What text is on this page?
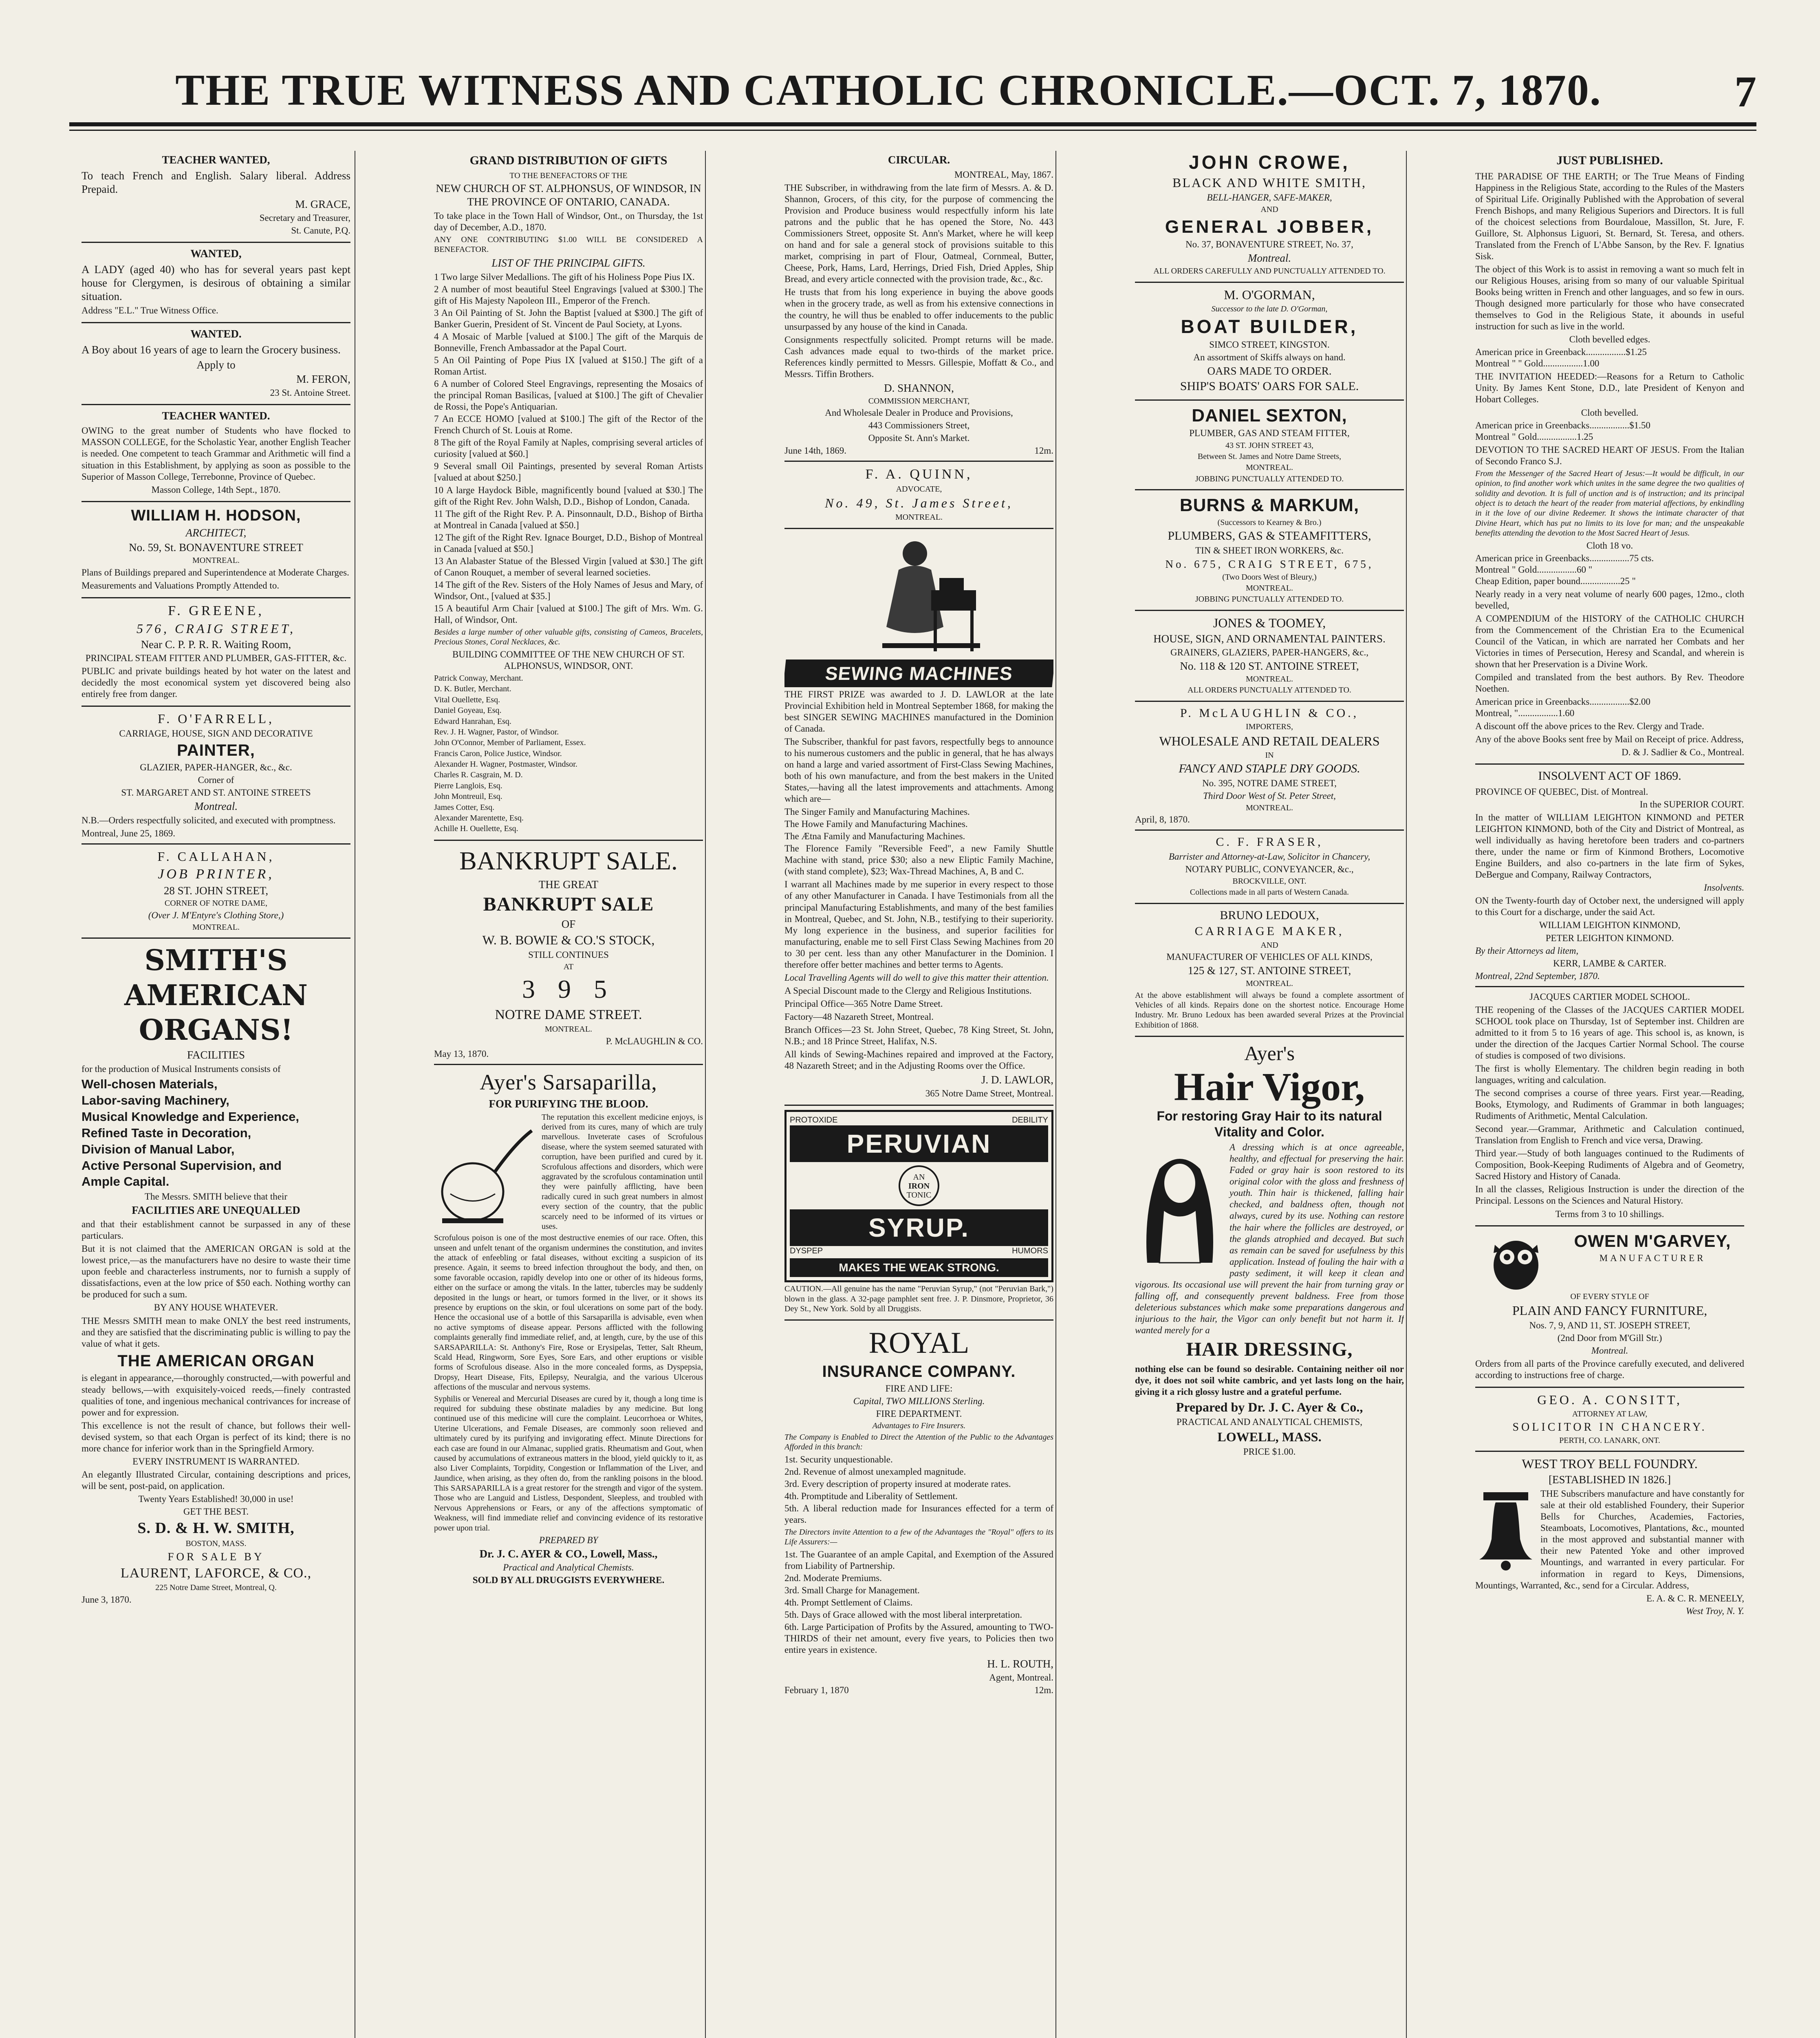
THE TRUE WITNESS AND CATHOLIC CHRONICLE.—OCT. 7, 1870.	7
TEACHER WANTED,

To teach French and English. Salary liberal. Address Prepaid.

M. GRACE,
Secretary and Treasurer,
St. Canute, P.Q.
WANTED,

A LADY (aged 40) who has for several years past kept house for Clergymen, is desirous of obtaining a similar situation.

Address "E.L." True Witness Office.

WANTED.

A Boy about 16 years of age to learn the Grocery business.

Apply to
M. FERON,
23 St. Antoine Street.
TEACHER WANTED.

OWING to the great number of Students who have flocked to MASSON COLLEGE, for the Scholastic Year, another English Teacher is needed. One competent to teach Grammar and Arithmetic will find a situation in this Establishment, by applying as soon as possible to the Superior of Masson College, Terrebonne, Province of Quebec.

Masson College, 14th Sept., 1870.
WILLIAM H. HODSON,
ARCHITECT,
No. 59, St. BONAVENTURE STREET
MONTREAL.

Plans of Buildings prepared and Superintendence at Moderate Charges.

Measurements and Valuations Promptly Attended to.

F. GREENE,
576, CRAIG STREET,
Near C. P. P. R. R. Waiting Room,
PRINCIPAL STEAM FITTER AND PLUMBER, GAS-FITTER, &c.

PUBLIC and private buildings heated by hot water on the latest and decidedly the most economical system yet discovered being also entirely free from danger.

F. O'FARRELL,
CARRIAGE, HOUSE, SIGN AND DECORATIVE
PAINTER,
GLAZIER, PAPER-HANGER, &c., &c.
Corner of
ST. MARGARET AND ST. ANTOINE STREETS
Montreal.

N.B.—Orders respectfully solicited, and executed with promptness.

Montreal, June 25, 1869.
F. CALLAHAN,
JOB PRINTER,
28 ST. JOHN STREET,
CORNER OF NOTRE DAME,
(Over J. M'Entyre's Clothing Store,)
MONTREAL.
SMITH'S
AMERICAN
ORGANS!
FACILITIES

for the production of Musical Instruments consists of

Well-chosen Materials,
Labor-saving Machinery,
Musical Knowledge and Experience,
Refined Taste in Decoration,
Division of Manual Labor,
Active Personal Supervision, and
Ample Capital.
The Messrs. SMITH believe that their
FACILITIES ARE UNEQUALLED

and that their establishment cannot be surpassed in any of these particulars.

But it is not claimed that the AMERICAN ORGAN is sold at the lowest price,—as the manufacturers have no desire to waste their time upon feeble and characterless instruments, nor to furnish a supply of dissatisfactions, even at the low price of $50 each. Nothing worthy can be produced for such a sum.

BY ANY HOUSE WHATEVER.

THE Messrs SMITH mean to make ONLY the best reed instruments, and they are satisfied that the discriminating public is willing to pay the value of what it gets.

THE AMERICAN ORGAN

is elegant in appearance,—thoroughly constructed,—with powerful and steady bellows,—with exquisitely-voiced reeds,—finely contrasted qualities of tone, and ingenious mechanical contrivances for increase of power and for expression.

This excellence is not the result of chance, but follows their well-devised system, so that each Organ is perfect of its kind; there is no more chance for inferior work than in the Springfield Armory.

EVERY INSTRUMENT IS WARRANTED.

An elegantly Illustrated Circular, containing descriptions and prices, will be sent, post-paid, on application.

Twenty Years Established! 30,000 in use!
GET THE BEST.
S. D. & H. W. SMITH,
BOSTON, MASS.
FOR SALE BY
LAURENT, LAFORCE, & CO.,
225 Notre Dame Street, Montreal, Q.
June 3, 1870.
GRAND DISTRIBUTION OF GIFTS
TO THE BENEFACTORS OF THE
NEW CHURCH OF ST. ALPHONSUS, OF WINDSOR, IN THE PROVINCE OF ONTARIO, CANADA.

To take place in the Town Hall of Windsor, Ont., on Thursday, the 1st day of December, A.D., 1870.

ANY ONE CONTRIBUTING $1.00 WILL BE CONSIDERED A BENEFACTOR.

LIST OF THE PRINCIPAL GIFTS.
1 Two large Silver Medallions. The gift of his Holiness Pope Pius IX.
2 A number of most beautiful Steel Engravings [valued at $300.] The gift of His Majesty Napoleon III., Emperor of the French.
3 An Oil Painting of St. John the Baptist [valued at $300.] The gift of Banker Guerin, President of St. Vincent de Paul Society, at Lyons.
4 A Mosaic of Marble [valued at $100.] The gift of the Marquis de Bonneville, French Ambassador at the Papal Court.
5 An Oil Painting of Pope Pius IX [valued at $150.] The gift of a Roman Artist.
6 A number of Colored Steel Engravings, representing the Mosaics of the principal Roman Basilicas, [valued at $100.] The gift of Chevalier de Rossi, the Pope's Antiquarian.
7 An ECCE HOMO [valued at $100.] The gift of the Rector of the French Church of St. Louis at Rome.
8 The gift of the Royal Family at Naples, comprising several articles of curiosity [valued at $60.]
9 Several small Oil Paintings, presented by several Roman Artists [valued at about $250.]
10 A large Haydock Bible, magnificently bound [valued at $30.] The gift of the Right Rev. John Walsh, D.D., Bishop of London, Canada.
11 The gift of the Right Rev. P. A. Pinsonnault, D.D., Bishop of Birtha at Montreal in Canada [valued at $50.]
12 The gift of the Right Rev. Ignace Bourget, D.D., Bishop of Montreal in Canada [valued at $50.]
13 An Alabaster Statue of the Blessed Virgin [valued at $30.] The gift of Canon Rouquet, a member of several learned societies.
14 The gift of the Rev. Sisters of the Holy Names of Jesus and Mary, of Windsor, Ont., [valued at $35.]
15 A beautiful Arm Chair [valued at $100.] The gift of Mrs. Wm. G. Hall, of Windsor, Ont.

Besides a large number of other valuable gifts, consisting of Cameos, Bracelets, Precious Stones, Coral Necklaces, &c.

BUILDING COMMITTEE OF THE NEW CHURCH OF ST. ALPHONSUS, WINDSOR, ONT.
Patrick Conway, Merchant.
D. K. Butler, Merchant.
Vital Ouellette, Esq.
Daniel Goyeau, Esq.
Edward Hanrahan, Esq.
Rev. J. H. Wagner, Pastor, of Windsor.
John O'Connor, Member of Parliament, Essex.
Francis Caron, Police Justice, Windsor.
Alexander H. Wagner, Postmaster, Windsor.
Charles R. Casgrain, M. D.
Pierre Langlois, Esq.
John Montreuil, Esq.
James Cotter, Esq.
Alexander Marentette, Esq.
Achille H. Ouellette, Esq.
BANKRUPT SALE.
THE GREAT
BANKRUPT SALE
OF
W. B. BOWIE & CO.'S STOCK,
STILL CONTINUES
AT
3 9 5
NOTRE DAME STREET.
MONTREAL.
P. McLAUGHLIN & CO.
May 13, 1870.
Ayer's Sarsaparilla,
FOR PURIFYING THE BLOOD.

The reputation this excellent medicine enjoys, is derived from its cures, many of which are truly marvellous. Inveterate cases of Scrofulous disease, where the system seemed saturated with corruption, have been purified and cured by it. Scrofulous affections and disorders, which were aggravated by the scrofulous contamination until they were painfully afflicting, have been radically cured in such great numbers in almost every section of the country, that the public scarcely need to be informed of its virtues or uses.

Scrofulous poison is one of the most destructive enemies of our race. Often, this unseen and unfelt tenant of the organism undermines the constitution, and invites the attack of enfeebling or fatal diseases, without exciting a suspicion of its presence. Again, it seems to breed infection throughout the body, and then, on some favorable occasion, rapidly develop into one or other of its hideous forms, either on the surface or among the vitals. In the latter, tubercles may be suddenly deposited in the lungs or heart, or tumors formed in the liver, or it shows its presence by eruptions on the skin, or foul ulcerations on some part of the body. Hence the occasional use of a bottle of this Sarsaparilla is advisable, even when no active symptoms of disease appear. Persons afflicted with the following complaints generally find immediate relief, and, at length, cure, by the use of this SARSAPARILLA: St. Anthony's Fire, Rose or Erysipelas, Tetter, Salt Rheum, Scald Head, Ringworm, Sore Eyes, Sore Ears, and other eruptions or visible forms of Scrofulous disease. Also in the more concealed forms, as Dyspepsia, Dropsy, Heart Disease, Fits, Epilepsy, Neuralgia, and the various Ulcerous affections of the muscular and nervous systems.

Syphilis or Venereal and Mercurial Diseases are cured by it, though a long time is required for subduing these obstinate maladies by any medicine. But long continued use of this medicine will cure the complaint. Leucorrhoea or Whites, Uterine Ulcerations, and Female Diseases, are commonly soon relieved and ultimately cured by its purifying and invigorating effect. Minute Directions for each case are found in our Almanac, supplied gratis. Rheumatism and Gout, when caused by accumulations of extraneous matters in the blood, yield quickly to it, as also Liver Complaints, Torpidity, Congestion or Inflammation of the Liver, and Jaundice, when arising, as they often do, from the rankling poisons in the blood. This SARSAPARILLA is a great restorer for the strength and vigor of the system. Those who are Languid and Listless, Despondent, Sleepless, and troubled with Nervous Apprehensions or Fears, or any of the affections symptomatic of Weakness, will find immediate relief and convincing evidence of its restorative power upon trial.

PREPARED BY
Dr. J. C. AYER & CO., Lowell, Mass.,
Practical and Analytical Chemists.
SOLD BY ALL DRUGGISTS EVERYWHERE.
CIRCULAR.
MONTREAL, May, 1867.

THE Subscriber, in withdrawing from the late firm of Messrs. A. & D. Shannon, Grocers, of this city, for the purpose of commencing the Provision and Produce business would respectfully inform his late patrons and the public that he has opened the Store, No. 443 Commissioners Street, opposite St. Ann's Market, where he will keep on hand and for sale a general stock of provisions suitable to this market, comprising in part of Flour, Oatmeal, Cornmeal, Butter, Cheese, Pork, Hams, Lard, Herrings, Dried Fish, Dried Apples, Ship Bread, and every article connected with the provision trade, &c., &c.

He trusts that from his long experience in buying the above goods when in the grocery trade, as well as from his extensive connections in the country, he will thus be enabled to offer inducements to the public unsurpassed by any house of the kind in Canada.

Consignments respectfully solicited. Prompt returns will be made. Cash advances made equal to two-thirds of the market price. References kindly permitted to Messrs. Gillespie, Moffatt & Co., and Messrs. Tiffin Brothers.

D. SHANNON,
COMMISSION MERCHANT,
And Wholesale Dealer in Produce and Provisions,
443 Commissioners Street,
Opposite St. Ann's Market.
June 14th, 1869.	12m.
F. A. QUINN,
ADVOCATE,
No. 49, St. James Street,
MONTREAL.
SEWING MACHINES

THE FIRST PRIZE was awarded to J. D. LAWLOR at the late Provincial Exhibition held in Montreal September 1868, for making the best SINGER SEWING MACHINES manufactured in the Dominion of Canada.

The Subscriber, thankful for past favors, respectfully begs to announce to his numerous customers and the public in general, that he has always on hand a large and varied assortment of First-Class Sewing Machines, both of his own manufacture, and from the best makers in the United States,—having all the latest improvements and attachments. Among which are—

The Singer Family and Manufacturing Machines.
The Howe Family and Manufacturing Machines.
The Ætna Family and Manufacturing Machines.
The Florence Family "Reversible Feed", a new Family Shuttle Machine with stand, price $30; also a new Eliptic Family Machine, (with stand complete), $23; Wax-Thread Machines, A, B and C.

I warrant all Machines made by me superior in every respect to those of any other Manufacturer in Canada. I have Testimonials from all the principal Manufacturing Establishments, and many of the best families in Montreal, Quebec, and St. John, N.B., testifying to their superiority. My long experience in the business, and superior facilities for manufacturing, enable me to sell First Class Sewing Machines from 20 to 30 per cent. less than any other Manufacturer in the Dominion. I therefore offer better machines and better terms to Agents.

Local Travelling Agents will do well to give this matter their attention.

A Special Discount made to the Clergy and Religious Institutions.

Principal Office—365 Notre Dame Street.

Factory—48 Nazareth Street, Montreal.

Branch Offices—23 St. John Street, Quebec, 78 King Street, St. John, N.B.; and 18 Prince Street, Halifax, N.S.

All kinds of Sewing-Machines repaired and improved at the Factory, 48 Nazareth Street; and in the Adjusting Rooms over the Office.

J. D. LAWLOR,
365 Notre Dame Street, Montreal.
PROTOXIDE	DEBILITY
PERUVIAN
AN
IRON
TONIC
SYRUP.
DYSPEP	HUMORS
MAKES THE WEAK STRONG.

CAUTION.—All genuine has the name "Peruvian Syrup," (not "Peruvian Bark,") blown in the glass. A 32-page pamphlet sent free. J. P. Dinsmore, Proprietor, 36 Dey St., New York. Sold by all Druggists.

ROYAL
INSURANCE COMPANY.
FIRE AND LIFE:
Capital, TWO MILLIONS Sterling.
FIRE DEPARTMENT.
Advantages to Fire Insurers.

The Company is Enabled to Direct the Attention of the Public to the Advantages Afforded in this branch:

1st. Security unquestionable.
2nd. Revenue of almost unexampled magnitude.
3rd. Every description of property insured at moderate rates.
4th. Promptitude and Liberality of Settlement.
5th. A liberal reduction made for Insurances effected for a term of years.

The Directors invite Attention to a few of the Advantages the "Royal" offers to its Life Assurers:—

1st. The Guarantee of an ample Capital, and Exemption of the Assured from Liability of Partnership.
2nd. Moderate Premiums.
3rd. Small Charge for Management.
4th. Prompt Settlement of Claims.
5th. Days of Grace allowed with the most liberal interpretation.
6th. Large Participation of Profits by the Assured, amounting to TWO-THIRDS of their net amount, every five years, to Policies then two entire years in existence.
H. L. ROUTH,
Agent, Montreal.
February 1, 1870	12m.
JOHN CROWE,
BLACK AND WHITE SMITH,
BELL-HANGER, SAFE-MAKER,
AND
GENERAL JOBBER,
No. 37, BONAVENTURE STREET, No. 37,
Montreal.
ALL ORDERS CAREFULLY AND PUNCTUALLY ATTENDED TO.
M. O'GORMAN,
Successor to the late D. O'Gorman,
BOAT BUILDER,
SIMCO STREET, KINGSTON.
An assortment of Skiffs always on hand.
OARS MADE TO ORDER.
SHIP'S BOATS' OARS FOR SALE.
DANIEL SEXTON,
PLUMBER, GAS AND STEAM FITTER,
43 ST. JOHN STREET 43,
Between St. James and Notre Dame Streets,
MONTREAL.
JOBBING PUNCTUALLY ATTENDED TO.
BURNS & MARKUM,
(Successors to Kearney & Bro.)
PLUMBERS, GAS & STEAMFITTERS,
TIN & SHEET IRON WORKERS, &c.
No. 675, CRAIG STREET, 675,
(Two Doors West of Bleury,)
MONTREAL.
JOBBING PUNCTUALLY ATTENDED TO.
JONES & TOOMEY,
HOUSE, SIGN, AND ORNAMENTAL PAINTERS.
GRAINERS, GLAZIERS, PAPER-HANGERS, &c.,
No. 118 & 120 ST. ANTOINE STREET,
MONTREAL.
ALL ORDERS PUNCTUALLY ATTENDED TO.
P. McLAUGHLIN & CO.,
IMPORTERS,
WHOLESALE AND RETAIL DEALERS
IN
FANCY AND STAPLE DRY GOODS.
No. 395, NOTRE DAME STREET,
Third Door West of St. Peter Street,
MONTREAL.
April, 8, 1870.
C. F. FRASER,
Barrister and Attorney-at-Law, Solicitor in Chancery,
NOTARY PUBLIC, CONVEYANCER, &c.,
BROCKVILLE, ONT.
Collections made in all parts of Western Canada.
BRUNO LEDOUX,
CARRIAGE MAKER,
AND
MANUFACTURER OF VEHICLES OF ALL KINDS,
125 & 127, ST. ANTOINE STREET,
MONTREAL.

At the above establishment will always be found a complete assortment of Vehicles of all kinds. Repairs done on the shortest notice. Encourage Home Industry. Mr. Bruno Ledoux has been awarded several Prizes at the Provincial Exhibition of 1868.

Ayer's
Hair Vigor,
For restoring Gray Hair to its natural Vitality and Color.

A dressing which is at once agreeable, healthy, and effectual for preserving the hair. Faded or gray hair is soon restored to its original color with the gloss and freshness of youth. Thin hair is thickened, falling hair checked, and baldness often, though not always, cured by its use. Nothing can restore the hair where the follicles are destroyed, or the glands atrophied and decayed. But such as remain can be saved for usefulness by this application. Instead of fouling the hair with a pasty sediment, it will keep it clean and vigorous. Its occasional use will prevent the hair from turning gray or falling off, and consequently prevent baldness. Free from those deleterious substances which make some preparations dangerous and injurious to the hair, the Vigor can only benefit but not harm it. If wanted merely for a

HAIR DRESSING,

nothing else can be found so desirable. Containing neither oil nor dye, it does not soil white cambric, and yet lasts long on the hair, giving it a rich glossy lustre and a grateful perfume.

Prepared by Dr. J. C. Ayer & Co.,
PRACTICAL AND ANALYTICAL CHEMISTS,
LOWELL, MASS.
PRICE $1.00.
JUST PUBLISHED.

THE PARADISE OF THE EARTH; or The True Means of Finding Happiness in the Religious State, according to the Rules of the Masters of Spiritual Life. Originally Published with the Approbation of several French Bishops, and many Religious Superiors and Directors. It is full of the choicest selections from Bourdaloue, Massillon, St. Jure, F. Guillore, St. Alphonsus Liguori, St. Bernard, St. Teresa, and others. Translated from the French of L'Abbe Sanson, by the Rev. F. Ignatius Sisk.

The object of this Work is to assist in removing a want so much felt in our Religious Houses, arising from so many of our valuable Spiritual Books being written in French and other languages, and so few in ours. Though designed more particularly for those who have consecrated themselves to God in the Religious State, it abounds in useful instruction for such as live in the world.

Cloth bevelled edges.
American price in Greenback.................$1.25
Montreal " " Gold.................1.00

THE INVITATION HEEDED:—Reasons for a Return to Catholic Unity. By James Kent Stone, D.D., late President of Kenyon and Hobart Colleges.

Cloth bevelled.
American price in Greenbacks.................$1.50
Montreal " Gold.................1.25

DEVOTION TO THE SACRED HEART OF JESUS. From the Italian of Secondo Franco S.J.

From the Messenger of the Sacred Heart of Jesus:—It would be difficult, in our opinion, to find another work which unites in the same degree the two qualities of solidity and devotion. It is full of unction and is of instruction; and its principal object is to detach the heart of the reader from material affections, by enkindling in it the love of our divine Redeemer. It shows the intimate character of that Divine Heart, which has put no limits to its love for man; and the unspeakable benefits attending the devotion to the Most Sacred Heart of Jesus.

Cloth 18 vo.
American price in Greenbacks.................75 cts.
Montreal " Gold.................60 "
Cheap Edition, paper bound.................25 "

Nearly ready in a very neat volume of nearly 600 pages, 12mo., cloth bevelled,

A COMPENDIUM of the HISTORY of the CATHOLIC CHURCH from the Commencement of the Christian Era to the Ecumenical Council of the Vatican, in which are narrated her Combats and her Victories in times of Persecution, Heresy and Scandal, and wherein is shown that her Preservation is a Divine Work.

Compiled and translated from the best authors. By Rev. Theodore Noethen.

American price in Greenbacks.................$2.00
Montreal, ".................1.60

A discount off the above prices to the Rev. Clergy and Trade.

Any of the above Books sent free by Mail on Receipt of price. Address,

D. & J. Sadlier & Co., Montreal.
INSOLVENT ACT OF 1869.
PROVINCE OF QUEBEC, Dist. of Montreal.
In the SUPERIOR COURT.

In the matter of WILLIAM LEIGHTON KINMOND and PETER LEIGHTON KINMOND, both of the City and District of Montreal, as well individually as having heretofore been traders and co-partners there, under the name or firm of Kinmond Brothers, Locomotive Engine Builders, and also co-partners in the late firm of Sykes, DeBergue and Company, Railway Contractors,

Insolvents.

ON the Twenty-fourth day of October next, the undersigned will apply to this Court for a discharge, under the said Act.

WILLIAM LEIGHTON KINMOND,
PETER LEIGHTON KINMOND.
By their Attorneys ad litem,
KERR, LAMBE & CARTER.
Montreal, 22nd September, 1870.
JACQUES CARTIER MODEL SCHOOL.

THE reopening of the Classes of the JACQUES CARTIER MODEL SCHOOL took place on Thursday, 1st of September inst. Children are admitted to it from 5 to 16 years of age. This school is, as known, is under the direction of the Jacques Cartier Normal School. The course of studies is composed of two divisions.

The first is wholly Elementary. The children begin reading in both languages, writing and calculation.

The second comprises a course of three years. First year.—Reading, Books, Etymology, and Rudiments of Grammar in both languages; Rudiments of Arithmetic, Mental Calculation.

Second year.—Grammar, Arithmetic and Calculation continued, Translation from English to French and vice versa, Drawing.

Third year.—Study of both languages continued to the Rudiments of Composition, Book-Keeping Rudiments of Algebra and of Geometry, Sacred History and History of Canada.

In all the classes, Religious Instruction is under the direction of the Principal. Lessons on the Sciences and Natural History.

Terms from 3 to 10 shillings.
OWEN M'GARVEY,
MANUFACTURER
OF EVERY STYLE OF
PLAIN AND FANCY FURNITURE,
Nos. 7, 9, AND 11, ST. JOSEPH STREET,
(2nd Door from M'Gill Str.)
Montreal.

Orders from all parts of the Province carefully executed, and delivered according to instructions free of charge.

GEO. A. CONSITT,
ATTORNEY AT LAW,
SOLICITOR IN CHANCERY.
PERTH, CO. LANARK, ONT.
WEST TROY BELL FOUNDRY.
[ESTABLISHED IN 1826.]

THE Subscribers manufacture and have constantly for sale at their old established Foundery, their Superior Bells for Churches, Academies, Factories, Steamboats, Locomotives, Plantations, &c., mounted in the most approved and substantial manner with their new Patented Yoke and other improved Mountings, and warranted in every particular. For information in regard to Keys, Dimensions, Mountings, Warranted, &c., send for a Circular. Address,

E. A. & C. R. MENEELY,
West Troy, N. Y.
